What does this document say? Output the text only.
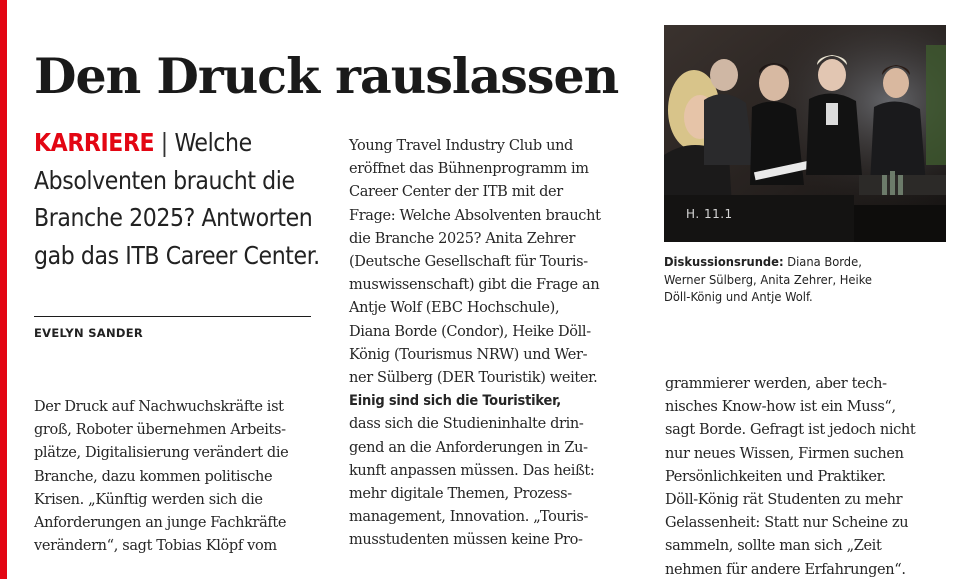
Den Druck rauslassen
KARRIERE | Welche Absolventen braucht die Branche 2025? Antworten gab das ITB Career Center.
EVELYN SANDER
Der Druck auf Nachwuchskräfte ist
groß, Roboter übernehmen Arbeits-
plätze, Digitalisierung verändert die
Branche, dazu kommen politische
Krisen. „Künftig werden sich die
Anforderungen an junge Fachkräfte
verändern“, sagt Tobias Klöpf vom
Young Travel Industry Club und
eröffnet das Bühnenprogramm im
Career Center der ITB mit der
Frage: Welche Absolventen braucht
die Branche 2025? Anita Zehrer
(Deutsche Gesellschaft für Touris-
muswissenschaft) gibt die Frage an
Antje Wolf (EBC Hochschule),
Diana Borde (Condor), Heike Döll-
König (Tourismus NRW) und Wer-
ner Sülberg (DER Touristik) weiter.
Einig sind sich die Touristiker,
dass sich die Studieninhalte drin-
gend an die Anforderungen in Zu-
kunft anpassen müssen. Das heißt:
mehr digitale Themen, Prozess-
management, Innovation. „Touris-
musstudenten müssen keine Pro-
H. 11.1
Diskussionsrunde: Diana Borde,
Werner Sülberg, Anita Zehrer, Heike
Döll-König und Antje Wolf.
grammierer werden, aber tech-
nisches Know-how ist ein Muss“,
sagt Borde. Gefragt ist jedoch nicht
nur neues Wissen, Firmen suchen
Persönlichkeiten und Praktiker.
Döll-König rät Studenten zu mehr
Gelassenheit: Statt nur Scheine zu
sammeln, sollte man sich „Zeit
nehmen für andere Erfahrungen“.
